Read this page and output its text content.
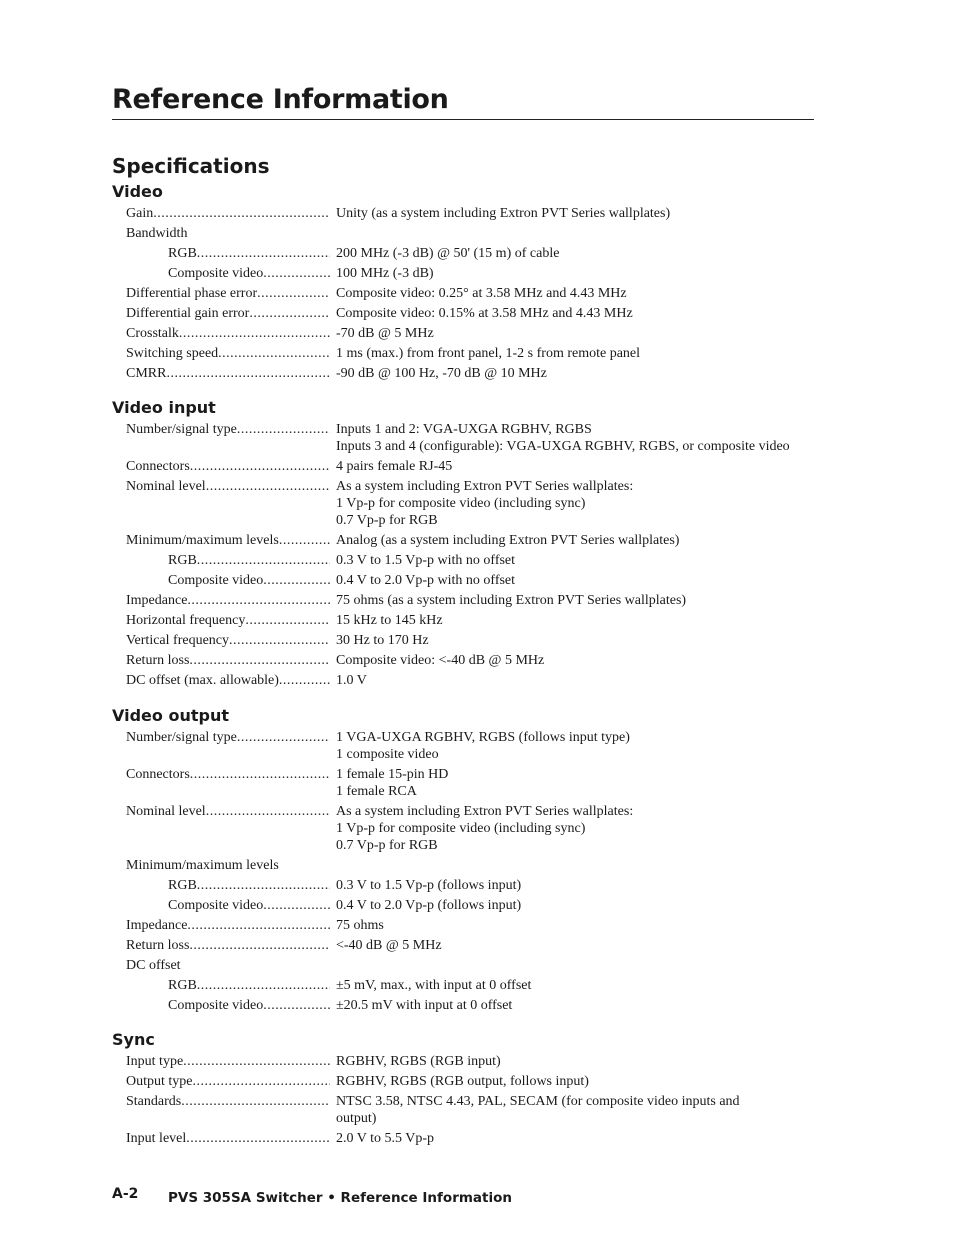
Reference Information
Specifications
Video
Gain .....	Unity (as a system including Extron PVT Series wallplates)
Bandwidth
RGB .....	200 MHz (-3 dB) @ 50' (15 m) of cable
Composite video .....	100 MHz (-3 dB)
Differential phase error .....	Composite video: 0.25° at 3.58 MHz and 4.43 MHz
Differential gain error .....	Composite video: 0.15% at 3.58 MHz and 4.43 MHz
Crosstalk .....	-70 dB @ 5 MHz
Switching speed .....	1 ms (max.) from front panel, 1-2 s from remote panel
CMRR .....	-90 dB @ 100 Hz, -70 dB @ 10 MHz
Video input
Number/signal type .....	Inputs 1 and 2: VGA-UXGA RGBHV, RGBS
Inputs 3 and 4 (configurable): VGA-UXGA RGBHV, RGBS, or composite video
Connectors .....	4 pairs female RJ-45
Nominal level .....	As a system including Extron PVT Series wallplates:
1 Vp-p for composite video (including sync)
0.7 Vp-p for RGB
Minimum/maximum levels .....	Analog (as a system including Extron PVT Series wallplates)
RGB .....	0.3 V to 1.5 Vp-p with no offset
Composite video .....	0.4 V to 2.0 Vp-p with no offset
Impedance .....	75 ohms (as a system including Extron PVT Series wallplates)
Horizontal frequency .....	15 kHz to 145 kHz
Vertical frequency .....	30 Hz to 170 Hz
Return loss .....	Composite video: <-40 dB @ 5 MHz
DC offset (max. allowable) .....	1.0 V
Video output
Number/signal type .....	1 VGA-UXGA RGBHV, RGBS (follows input type)
1 composite video
Connectors .....	1 female 15-pin HD
1 female RCA
Nominal level .....	As a system including Extron PVT Series wallplates:
1 Vp-p for composite video (including sync)
0.7 Vp-p for RGB
Minimum/maximum levels
RGB .....	0.3 V to 1.5 Vp-p (follows input)
Composite video .....	0.4 V to 2.0 Vp-p (follows input)
Impedance .....	75 ohms
Return loss .....	<-40 dB @ 5 MHz
DC offset
RGB .....	±5 mV, max., with input at 0 offset
Composite video .....	±20.5 mV with input at 0 offset
Sync
Input type .....	RGBHV, RGBS (RGB input)
Output type .....	RGBHV, RGBS (RGB output, follows input)
Standards .....	NTSC 3.58, NTSC 4.43, PAL, SECAM (for composite video inputs and
output)
Input level .....	2.0 V to 5.5 Vp-p
A-2 PVS 305SA Switcher • Reference Information
